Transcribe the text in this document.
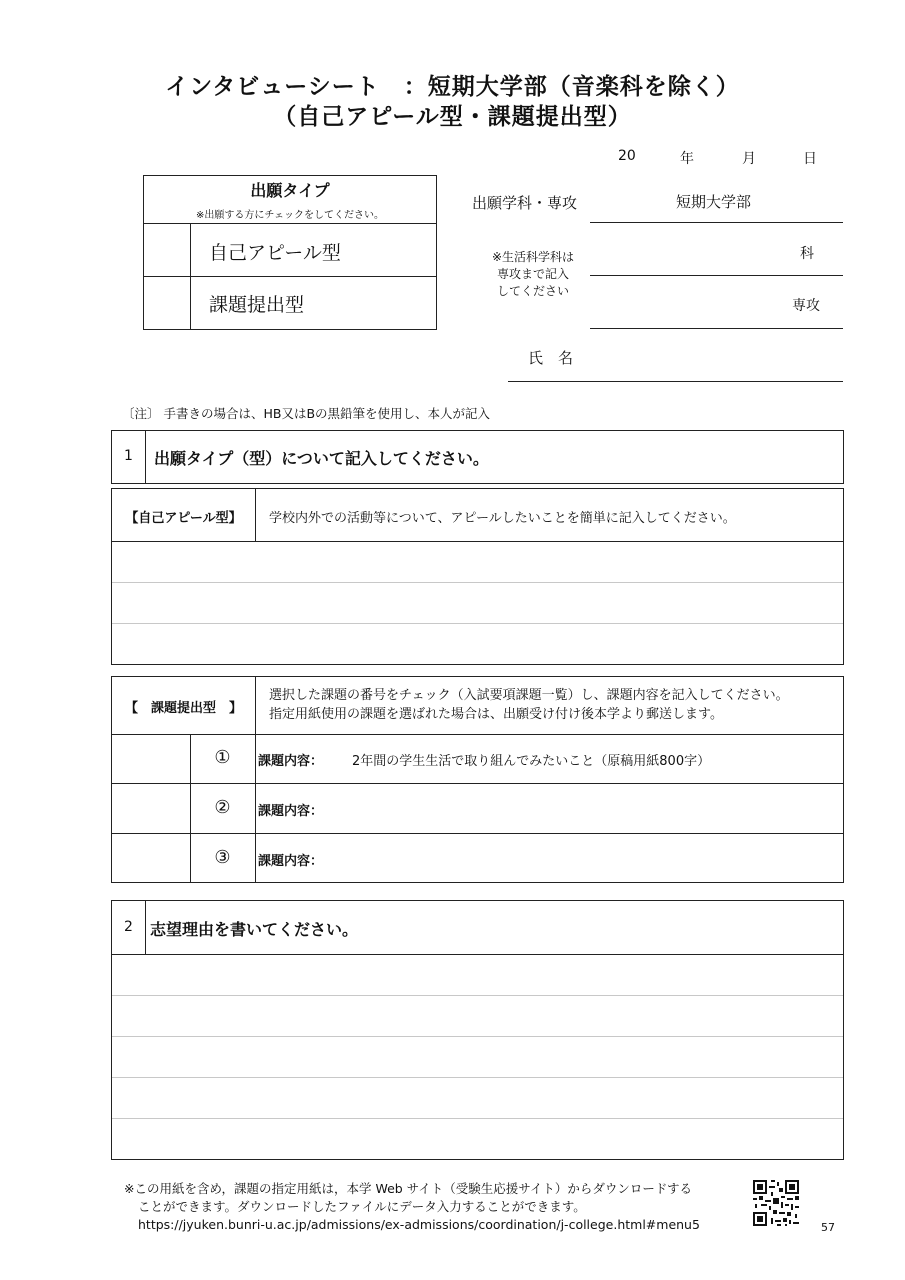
インタビューシート　：短期大学部（音楽科を除く）
（自己アピール型・課題提出型）
20	年	月	日
出願タイプ
※出願する方にチェックをしてください。
自己アピール型
課題提出型
出願学科・専攻	短期大学部
※生活科学科は
専攻まで記入
してください
科
専攻
氏　名
〔注〕 手書きの場合は、HB又はBの黒鉛筆を使用し、本人が記入
1	出願タイプ（型）について記入してください。
【自己アピール型】	学校内外での活動等について、アピールしたいことを簡単に記入してください。
【　課題提出型　】
選択した課題の番号をチェック（入試要項課題一覧）し、課題内容を記入してください。
指定用紙使用の課題を選ばれた場合は、出願受け付け後本学より郵送します。
①	課題内容： 2年間の学生生活で取り組んでみたいこと（原稿用紙800字）
②	課題内容：
③	課題内容：
2	志望理由を書いてください。
※この用紙を含め，課題の指定用紙は，本学 Web サイト（受験生応援サイト）からダウンロードする
ことができます。ダウンロードしたファイルにデータ入力することができます。
https://jyuken.bunri-u.ac.jp/admissions/ex-admissions/coordination/j-college.html#menu5	57
